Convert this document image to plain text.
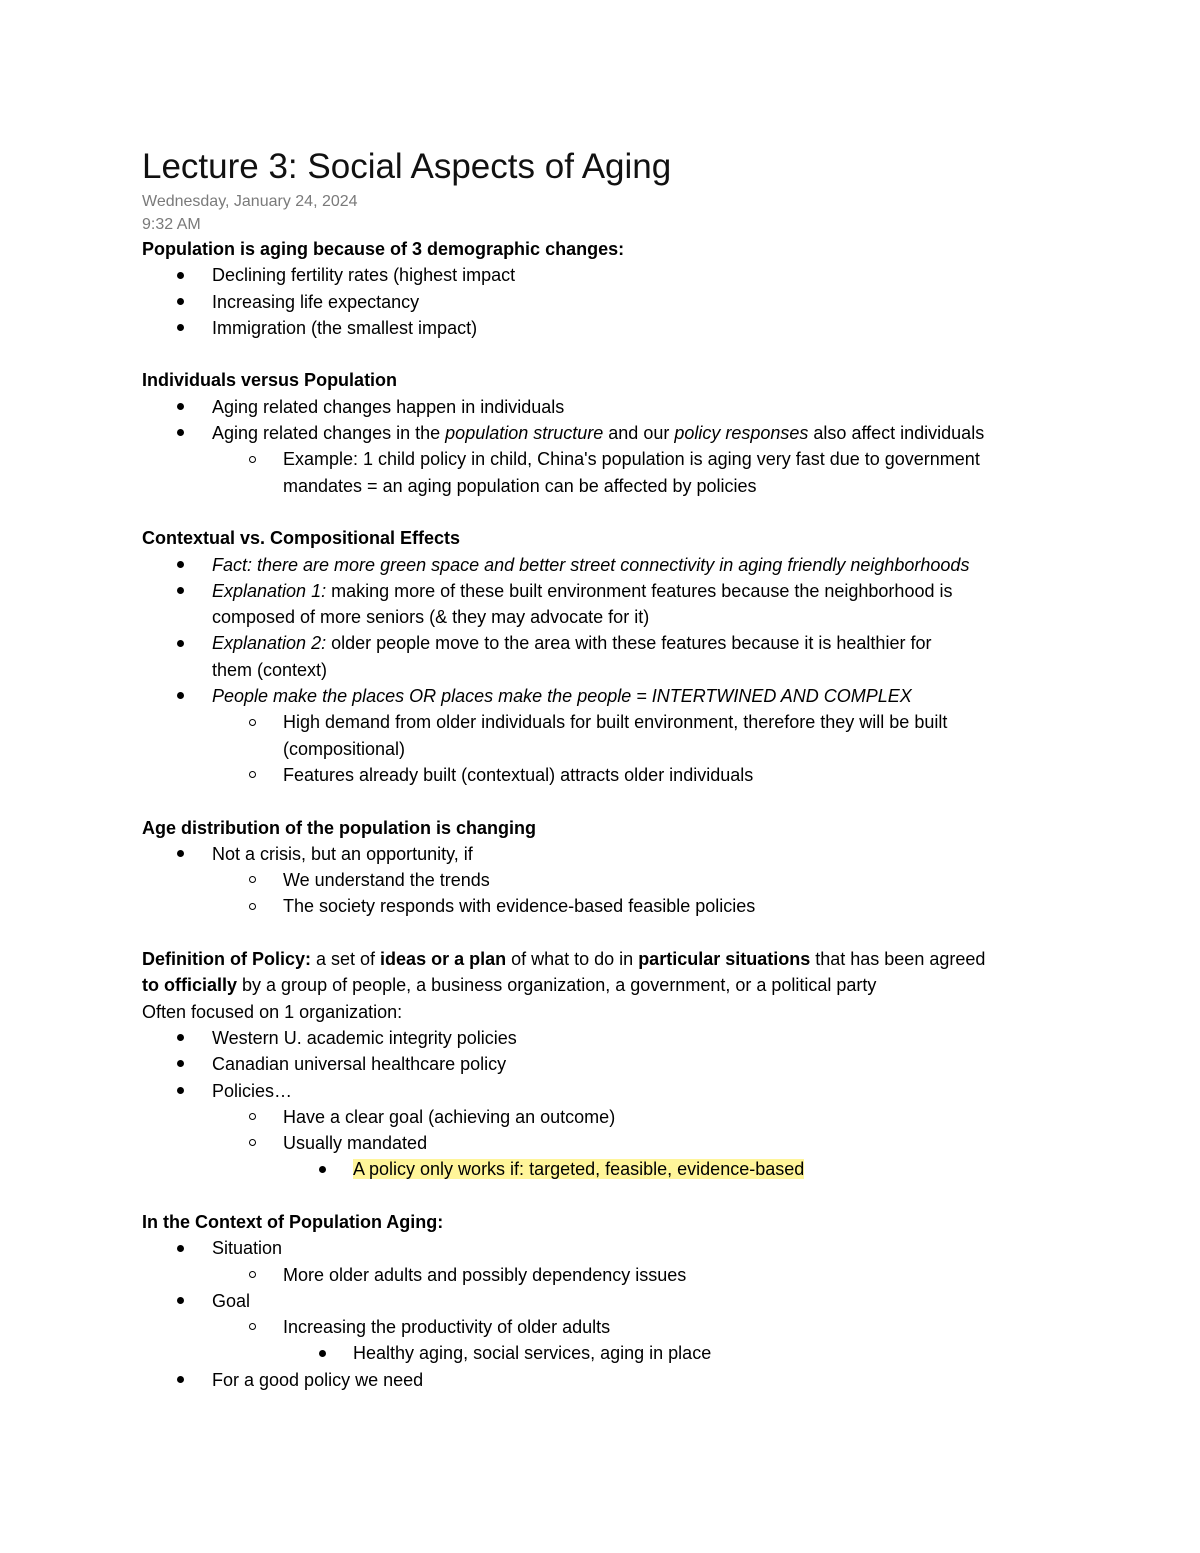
Lecture 3: Social Aspects of Aging
Wednesday, January 24, 2024
9:32 AM
Population is aging because of 3 demographic changes:
Declining fertility rates (highest impact
Increasing life expectancy
Immigration (the smallest impact)
Individuals versus Population
Aging related changes happen in individuals
Aging related changes in the population structure and our policy responses also affect individuals
Example: 1 child policy in child, China's population is aging very fast due to government
mandates = an aging population can be affected by policies
Contextual vs. Compositional Effects
Fact: there are more green space and better street connectivity in aging friendly neighborhoods
Explanation 1: making more of these built environment features because the neighborhood is
composed of more seniors (& they may advocate for it)
Explanation 2: older people move to the area with these features because it is healthier for
them (context)
People make the places OR places make the people = INTERTWINED AND COMPLEX
High demand from older individuals for built environment, therefore they will be built
(compositional)
Features already built (contextual) attracts older individuals
Age distribution of the population is changing
Not a crisis, but an opportunity, if
We understand the trends
The society responds with evidence-based feasible policies
Definition of Policy: a set of ideas or a plan of what to do in particular situations that has been agreed
to officially by a group of people, a business organization, a government, or a political party
Often focused on 1 organization:
Western U. academic integrity policies
Canadian universal healthcare policy
Policies…
Have a clear goal (achieving an outcome)
Usually mandated
A policy only works if: targeted, feasible, evidence-based
In the Context of Population Aging:
Situation
More older adults and possibly dependency issues
Goal
Increasing the productivity of older adults
Healthy aging, social services, aging in place
For a good policy we need
